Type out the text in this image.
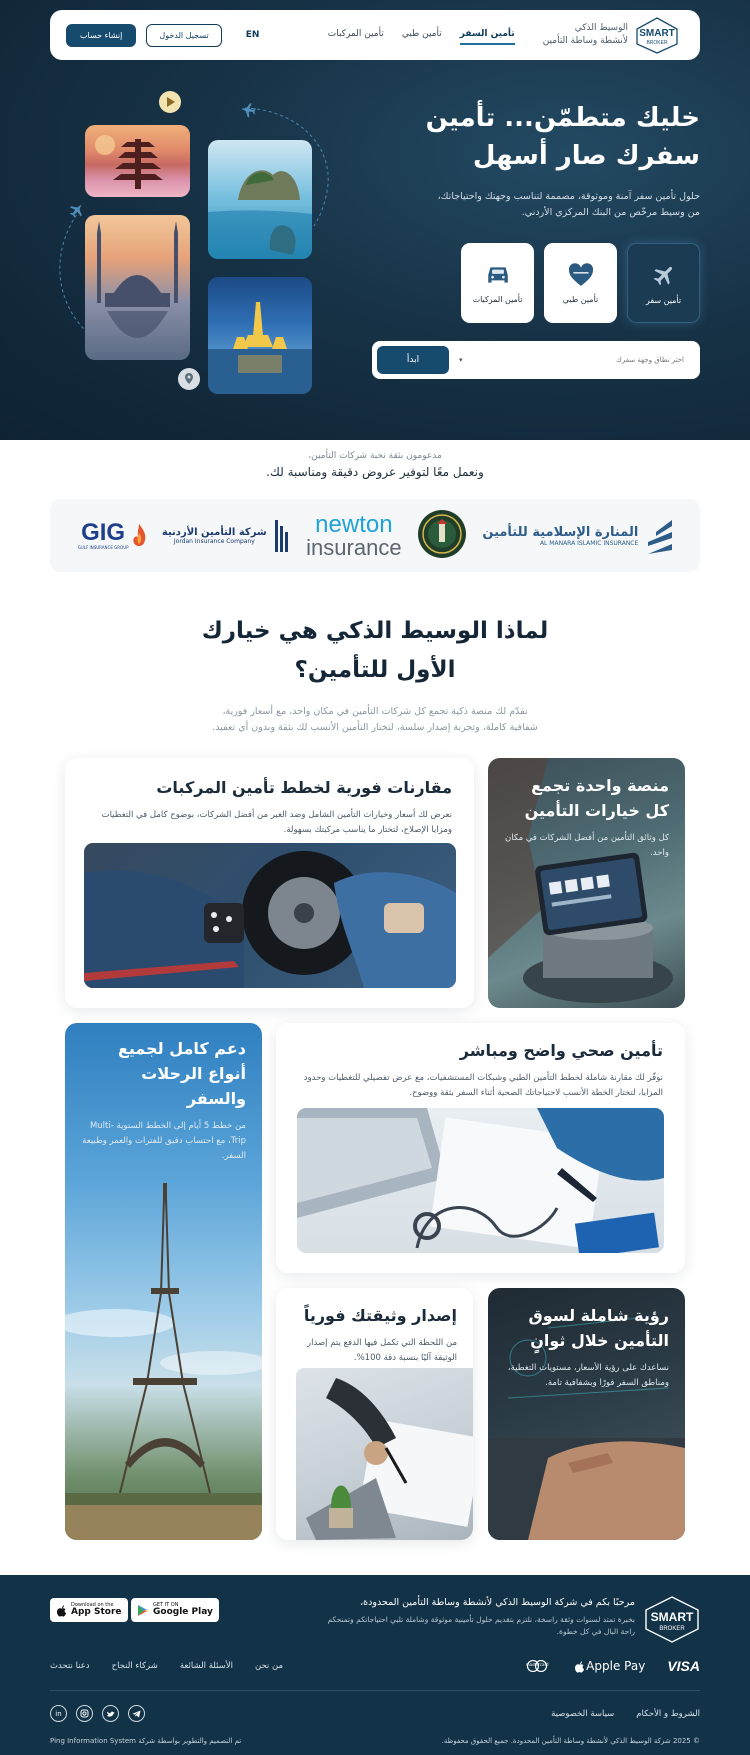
SMART
BROKER
الوسيط الذكي
لأنشطة وساطة التأمين
تأمين السفر
تأمين طبي
تأمين المركبات
EN
تسجيل الدخول
إنشاء حساب
خليك متطمّن... تأمين
سفرك صار أسهل

حلول تأمين سفر آمنة وموثوقة، مصممة لتناسب وجهتك واحتياجاتك،
من وسيط مرخّص من البنك المركزي الأردني.

تأمين سفر
تأمين طبي
تأمين المركبات
اختر نطاق وجهة سفرك
▾
ابدأ
مدعومون بثقة نخبة شركات التأمين،
ونعمل معًا لتوفير عروض دقيقة ومناسبة لك.
المنارة الإسلامية للتأمين
AL MANARA ISLAMIC INSURANCE
newton
insurance
شركة التأمين الأردنية
Jordan Insurance Company
GIG
GULF INSURANCE GROUP
لماذا الوسيط الذكي هي خيارك
الأول للتأمين؟

نقدّم لك منصة ذكية تجمع كل شركات التأمين في مكان واحد، مع أسعار فورية،
شفافية كاملة، وتجربة إصدار سلسة، لتختار التأمين الأنسب لك بثقة وبدون أي تعقيد.

منصة واحدة تجمع كل خيارات التأمين

كل وثائق التأمين من أفضل الشركات في مكان واحد.

مقارنات فورية لخطط تأمين المركبات

نعرض لك أسعار وخيارات التأمين الشامل وضد الغير من أفضل الشركات، بوضوح كامل في التغطيات ومزايا الإصلاح، لتختار ما يناسب مركبتك بسهولة.

دعم كامل لجميع أنواع الرحلات والسفر

من خطط 5 أيام إلى الخطط السنوية Multi-Trip، مع احتساب دقيق للفترات والعمر وطبيعة السفر.

تأمين صحي واضح ومباشر

نوفّر لك مقارنة شاملة لخطط التأمين الطبي وشبكات المستشفيات، مع عرض تفصيلي للتغطيات وحدود المزايا، لتختار الخطة الأنسب لاحتياجاتك الصحية أثناء السفر بثقة ووضوح.

إصدار وثيقتك فورياً

من اللحظة التي تكمل فيها الدفع يتم إصدار الوثيقة آليًا بنسبة دقة 100%.

رؤية شاملة لسوق التأمين خلال ثوانٍ

نساعدك على رؤية الأسعار، مستويات التغطية، ومناطق السفر فورًا وبشفافية تامة.

SMART
BROKER
مرحبًا بكم في شركة الوسيط الذكي لأنشطة وساطة التأمين المحدودة،
بخبرة تمتد لسنوات وثقة راسخة، نلتزم بتقديم حلول تأمينية موثوقة وشاملة تلبي احتياجاتكم وتمنحكم راحة البال في كل خطوة.
GET IT ON
Google Play
Download on the
App Store
mastercard	Apple Pay VISA
من نحن
الأسئلة الشائعة
شركاء النجاح
دعنا نتحدث
الشروط و الأحكام
سياسة الخصوصية
in
© 2025 شركة الوسيط الذكي لأنشطة وساطة التأمين المحدودة. جميع الحقوق محفوظة.
تم التصميم والتطوير بواسطة شركة Ping Information System
